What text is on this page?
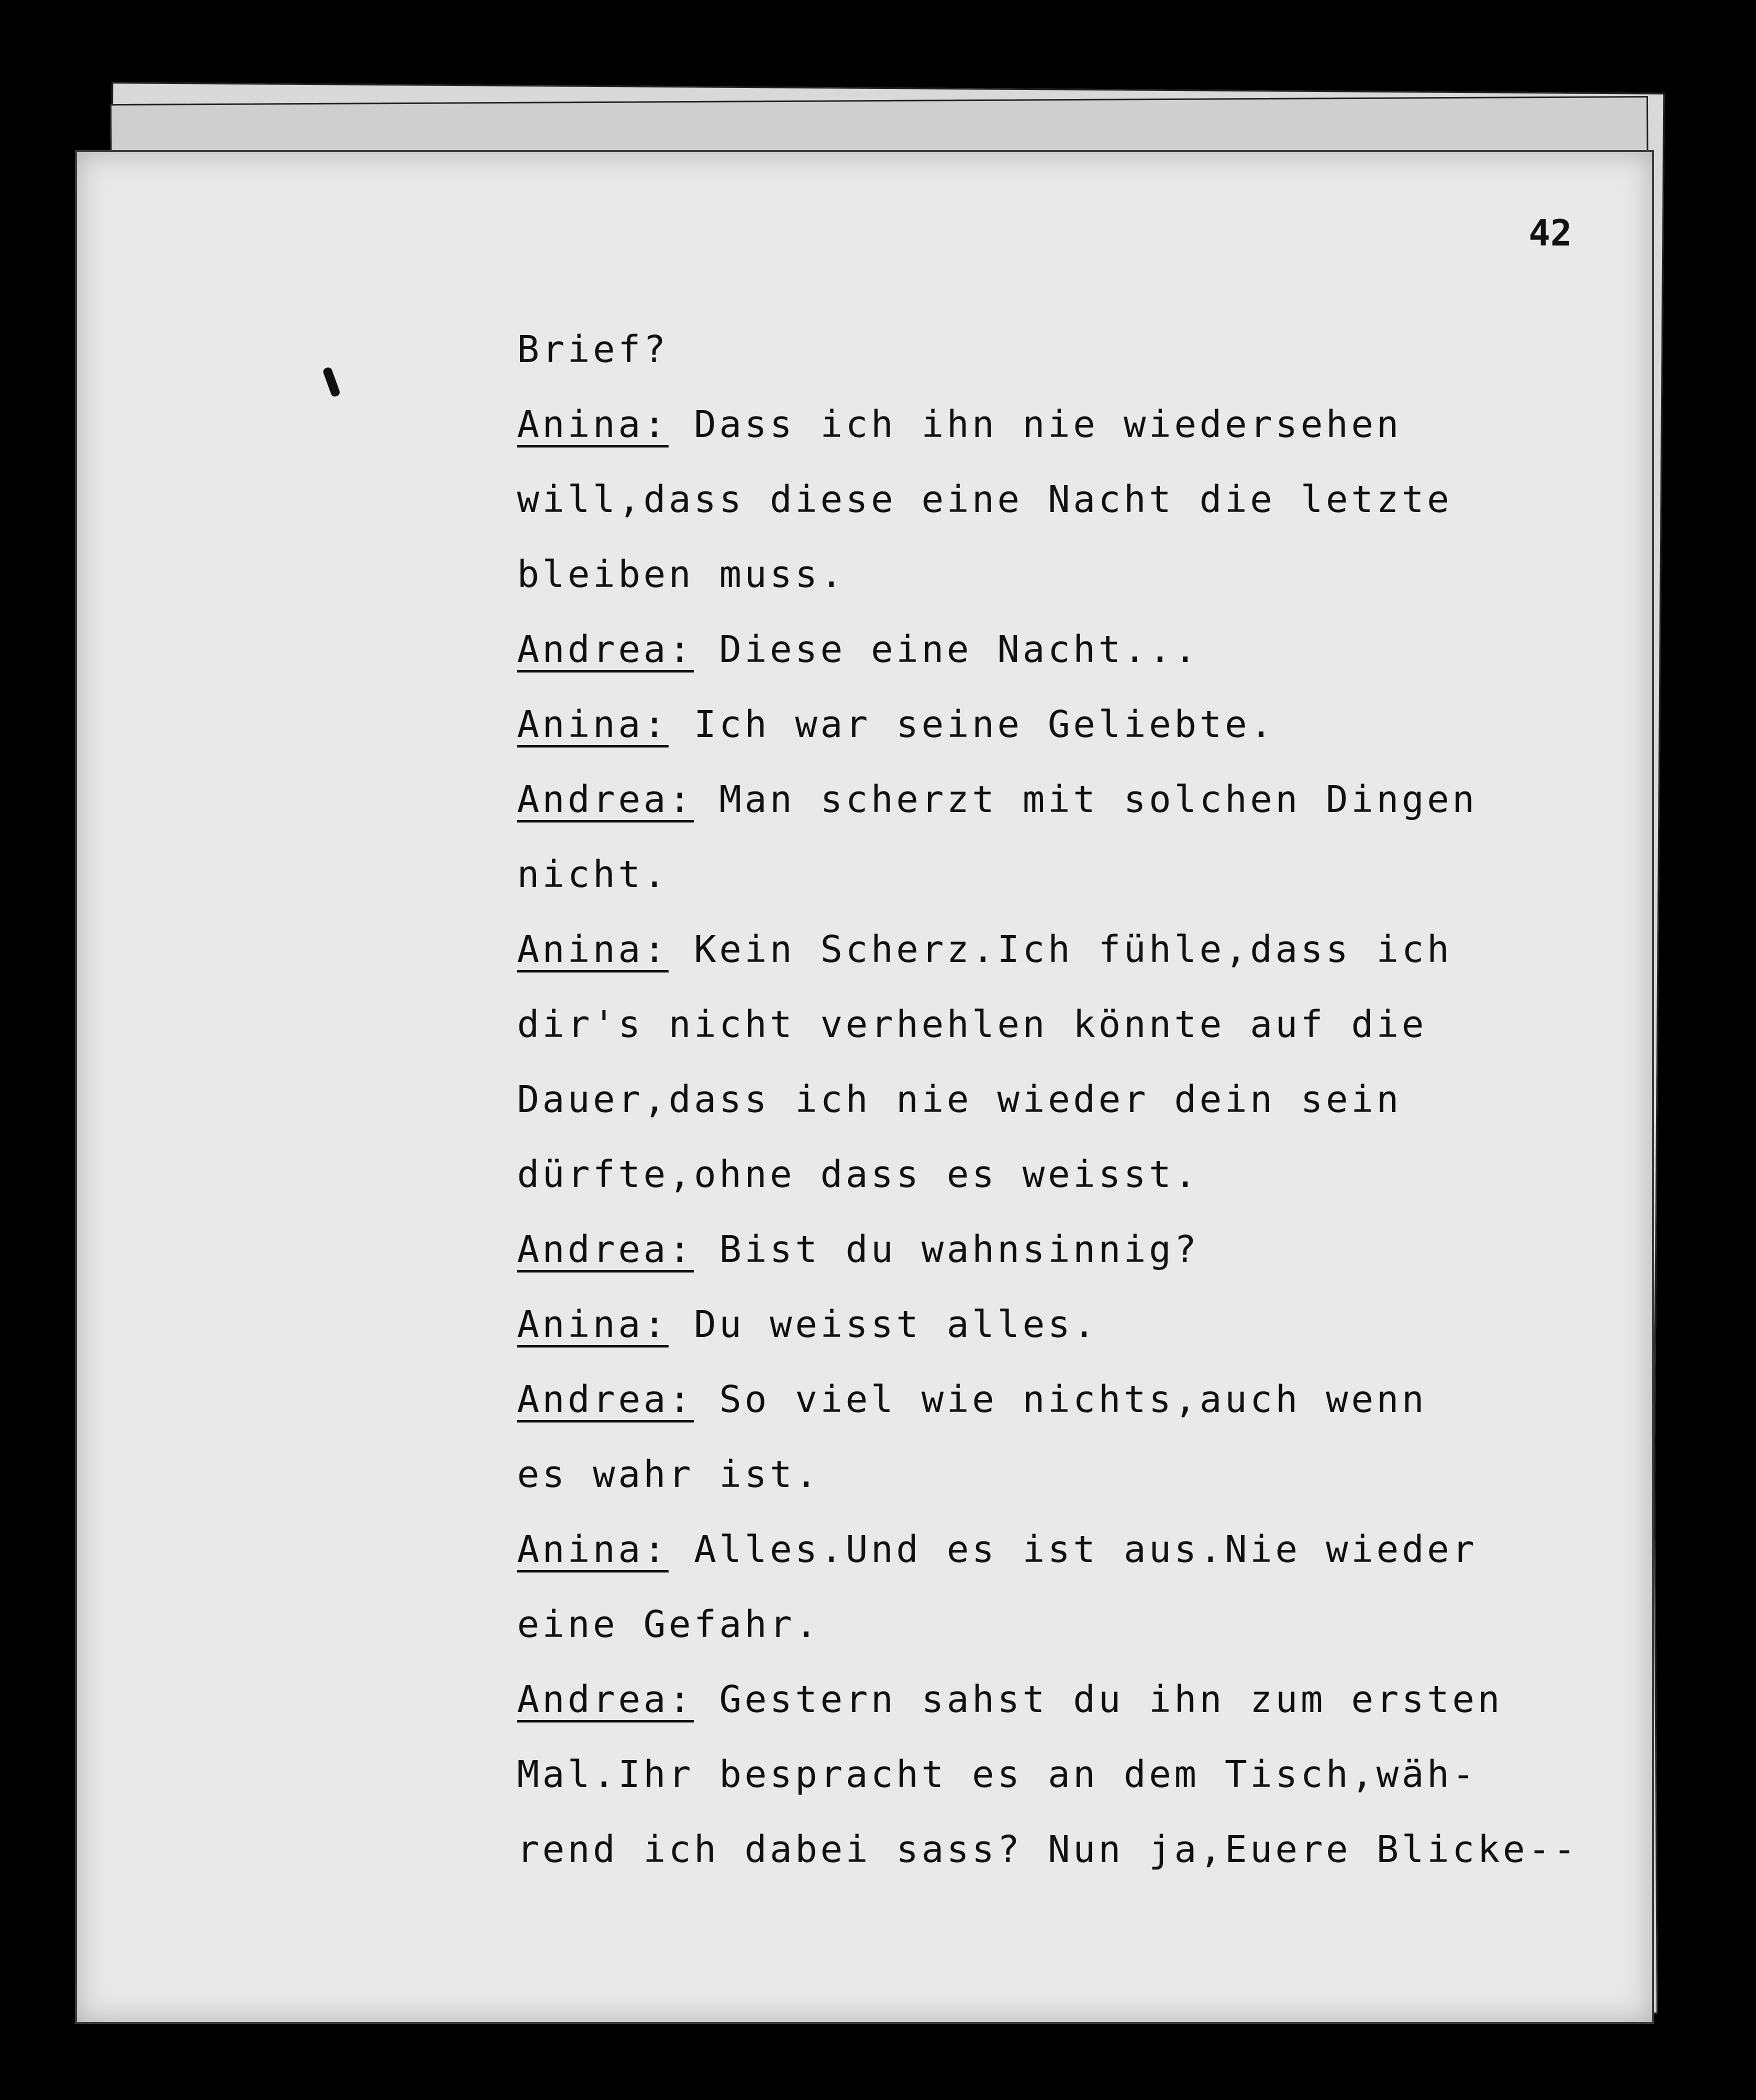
42
Brief?
Anina: Dass ich ihn nie wiedersehen
will,dass diese eine Nacht die letzte
bleiben muss.
Andrea: Diese eine Nacht...
Anina: Ich war seine Geliebte.
Andrea: Man scherzt mit solchen Dingen
nicht.
Anina: Kein Scherz.Ich fühle,dass ich
dir's nicht verhehlen könnte auf die
Dauer,dass ich nie wieder dein sein
dürfte,ohne dass es weisst.
Andrea: Bist du wahnsinnig?
Anina: Du weisst alles.
Andrea: So viel wie nichts,auch wenn
es wahr ist.
Anina: Alles.Und es ist aus.Nie wieder
eine Gefahr.
Andrea: Gestern sahst du ihn zum ersten
Mal.Ihr bespracht es an dem Tisch,wäh-
rend ich dabei sass? Nun ja,Euere Blicke--
